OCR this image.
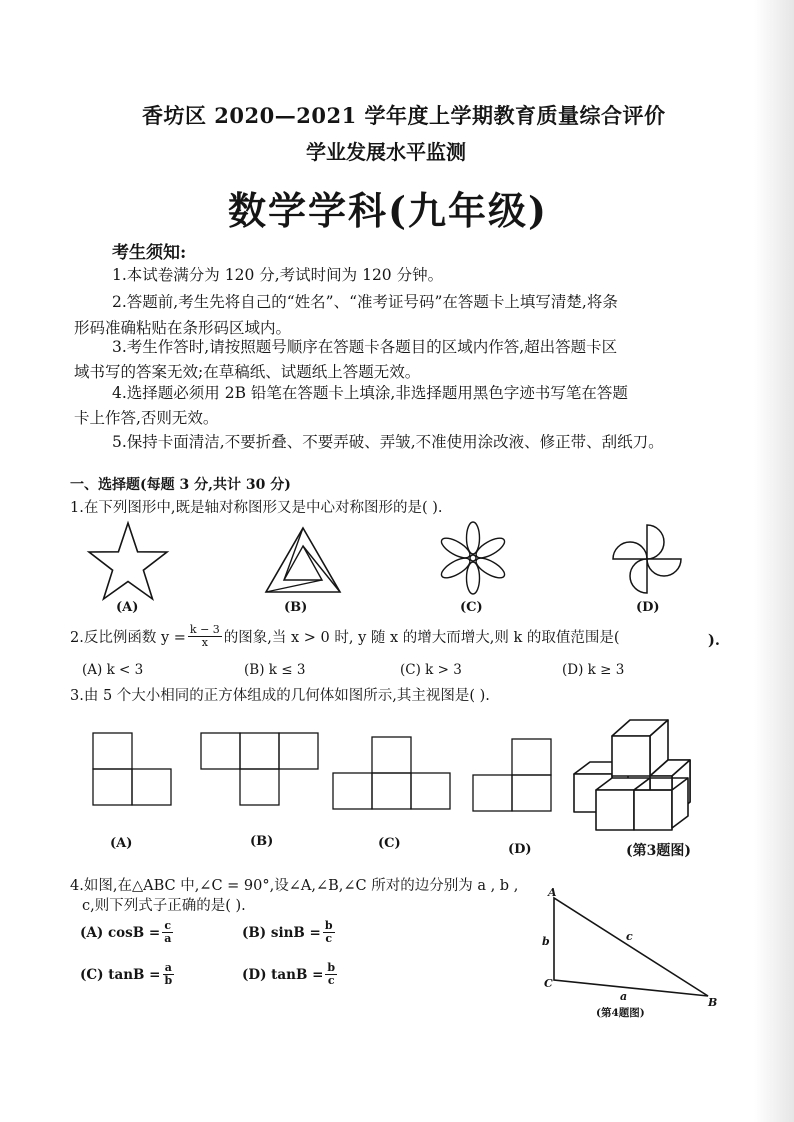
香坊区 2020—2021 学年度上学期教育质量综合评价
学业发展水平监测
数学学科(九年级)
考生须知:
1.本试卷满分为 120 分,考试时间为 120 分钟。
2.答题前,考生先将自己的“姓名”、“准考证号码”在答题卡上填写清楚,将条
形码准确粘贴在条形码区域内。
3.考生作答时,请按照题号顺序在答题卡各题目的区域内作答,超出答题卡区
域书写的答案无效;在草稿纸、试题纸上答题无效。
4.选择题必须用 2B 铅笔在答题卡上填涂,非选择题用黑色字迹书写笔在答题
卡上作答,否则无效。
5.保持卡面清洁,不要折叠、不要弄破、弄皱,不准使用涂改液、修正带、刮纸刀。
一、选择题(每题 3 分,共计 30 分)
1.在下列图形中,既是轴对称图形又是中心对称图形的是( ).
(A)	(B)	(C)	(D)
2.反比例函数 $y = \frac{k - 3}{x}$ 的图象,当 x > 0 时, y 随 x 的增大而增大,则 k 的取值范围是(	).
(A) k < 3	(B) k ≤ 3	(C) k > 3	(D) k ≥ 3
3.由 5 个大小相同的正方体组成的几何体如图所示,其主视图是( ).
(A)	(B)	(C)	(D)	(第3题图)
4.如图,在△ABC 中,∠C = 90°,设∠A,∠B,∠C 所对的边分别为 a , b ,
c,则下列式子正确的是( ).
(A) $\cos B = \frac{c}{a}$	(B) $\sin B = \frac{b}{c}$
(C) $\tan B = \frac{a}{b}$	(D) $\tan B = \frac{b}{c}$
A
C
B
b	c
a
(第4题图)
